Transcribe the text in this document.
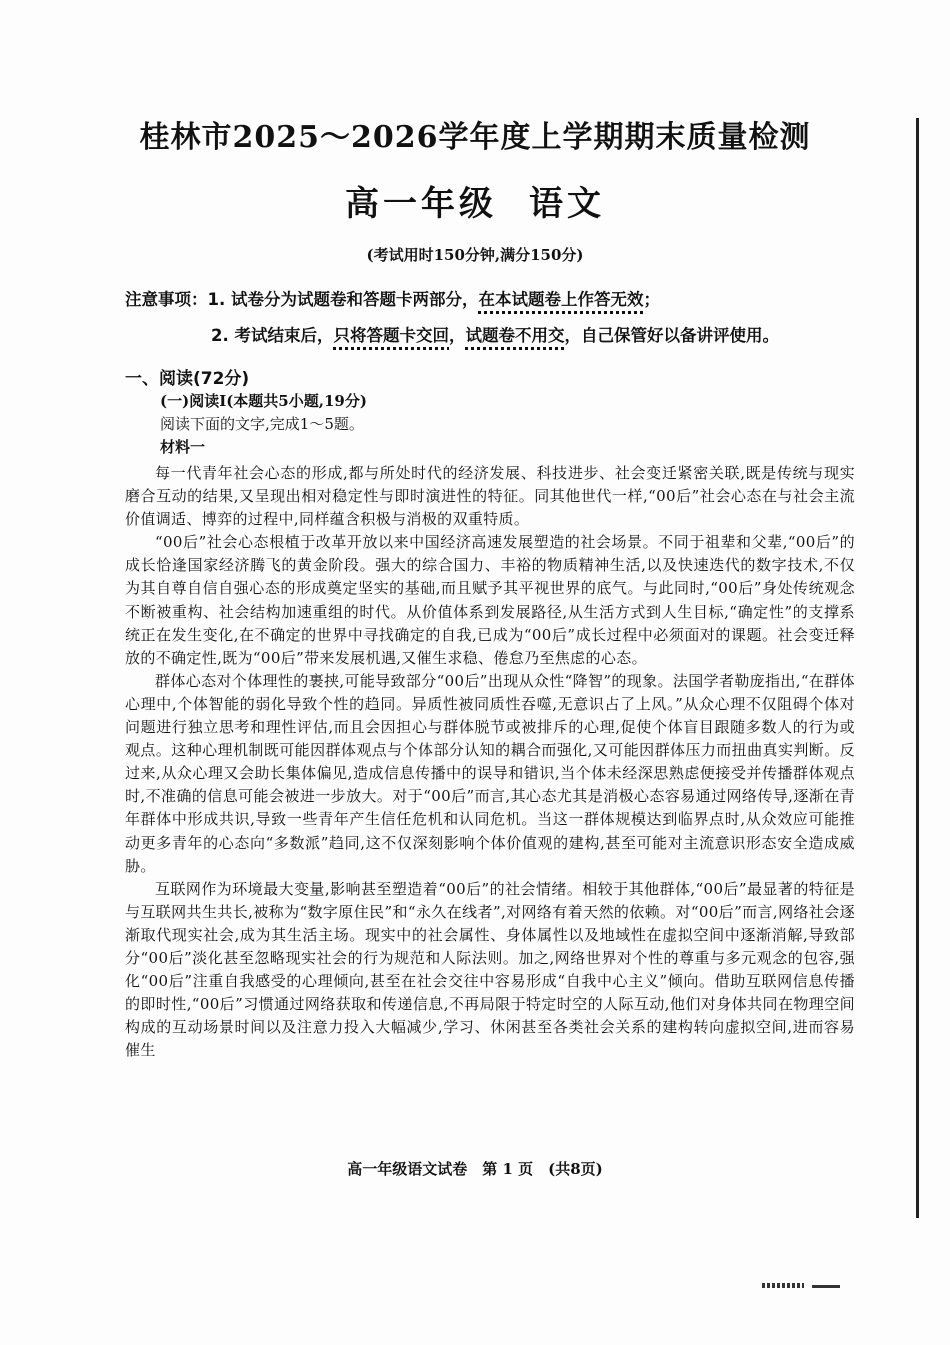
桂林市2025～2026学年度上学期期末质量检测
高一年级 语文
(考试用时150分钟,满分150分)
注意事项：1. 试卷分为试题卷和答题卡两部分，在本试题卷上作答无效；
2. 考试结束后，只将答题卡交回，试题卷不用交，自己保管好以备讲评使用。
一、阅读(72分)
(一)阅读Ⅰ(本题共5小题,19分)
阅读下面的文字,完成1～5题。
材料一

每一代青年社会心态的形成,都与所处时代的经济发展、科技进步、社会变迁紧密关联,既是传统与现实磨合互动的结果,又呈现出相对稳定性与即时演进性的特征。同其他世代一样,“00后”社会心态在与社会主流价值调适、博弈的过程中,同样蕴含积极与消极的双重特质。

“00后”社会心态根植于改革开放以来中国经济高速发展塑造的社会场景。不同于祖辈和父辈,“00后”的成长恰逢国家经济腾飞的黄金阶段。强大的综合国力、丰裕的物质精神生活,以及快速迭代的数字技术,不仅为其自尊自信自强心态的形成奠定坚实的基础,而且赋予其平视世界的底气。与此同时,“00后”身处传统观念不断被重构、社会结构加速重组的时代。从价值体系到发展路径,从生活方式到人生目标,“确定性”的支撑系统正在发生变化,在不确定的世界中寻找确定的自我,已成为“00后”成长过程中必须面对的课题。社会变迁释放的不确定性,既为“00后”带来发展机遇,又催生求稳、倦怠乃至焦虑的心态。

群体心态对个体理性的裹挟,可能导致部分“00后”出现从众性“降智”的现象。法国学者勒庞指出,“在群体心理中,个体智能的弱化导致个性的趋同。异质性被同质性吞噬,无意识占了上风。”从众心理不仅阻碍个体对问题进行独立思考和理性评估,而且会因担心与群体脱节或被排斥的心理,促使个体盲目跟随多数人的行为或观点。这种心理机制既可能因群体观点与个体部分认知的耦合而强化,又可能因群体压力而扭曲真实判断。反过来,从众心理又会助长集体偏见,造成信息传播中的误导和错识,当个体未经深思熟虑便接受并传播群体观点时,不准确的信息可能会被进一步放大。对于“00后”而言,其心态尤其是消极心态容易通过网络传导,逐渐在青年群体中形成共识,导致一些青年产生信任危机和认同危机。当这一群体规模达到临界点时,从众效应可能推动更多青年的心态向“多数派”趋同,这不仅深刻影响个体价值观的建构,甚至可能对主流意识形态安全造成威胁。

互联网作为环境最大变量,影响甚至塑造着“00后”的社会情绪。相较于其他群体,“00后”最显著的特征是与互联网共生共长,被称为“数字原住民”和“永久在线者”,对网络有着天然的依赖。对“00后”而言,网络社会逐渐取代现实社会,成为其生活主场。现实中的社会属性、身体属性以及地域性在虚拟空间中逐渐消解,导致部分“00后”淡化甚至忽略现实社会的行为规范和人际法则。加之,网络世界对个性的尊重与多元观念的包容,强化“00后”注重自我感受的心理倾向,甚至在社会交往中容易形成“自我中心主义”倾向。借助互联网信息传播的即时性,“00后”习惯通过网络获取和传递信息,不再局限于特定时空的人际互动,他们对身体共同在物理空间构成的互动场景时间以及注意力投入大幅减少,学习、休闲甚至各类社会关系的建构转向虚拟空间,进而容易催生

高一年级语文试卷　第 1 页　(共8页)
